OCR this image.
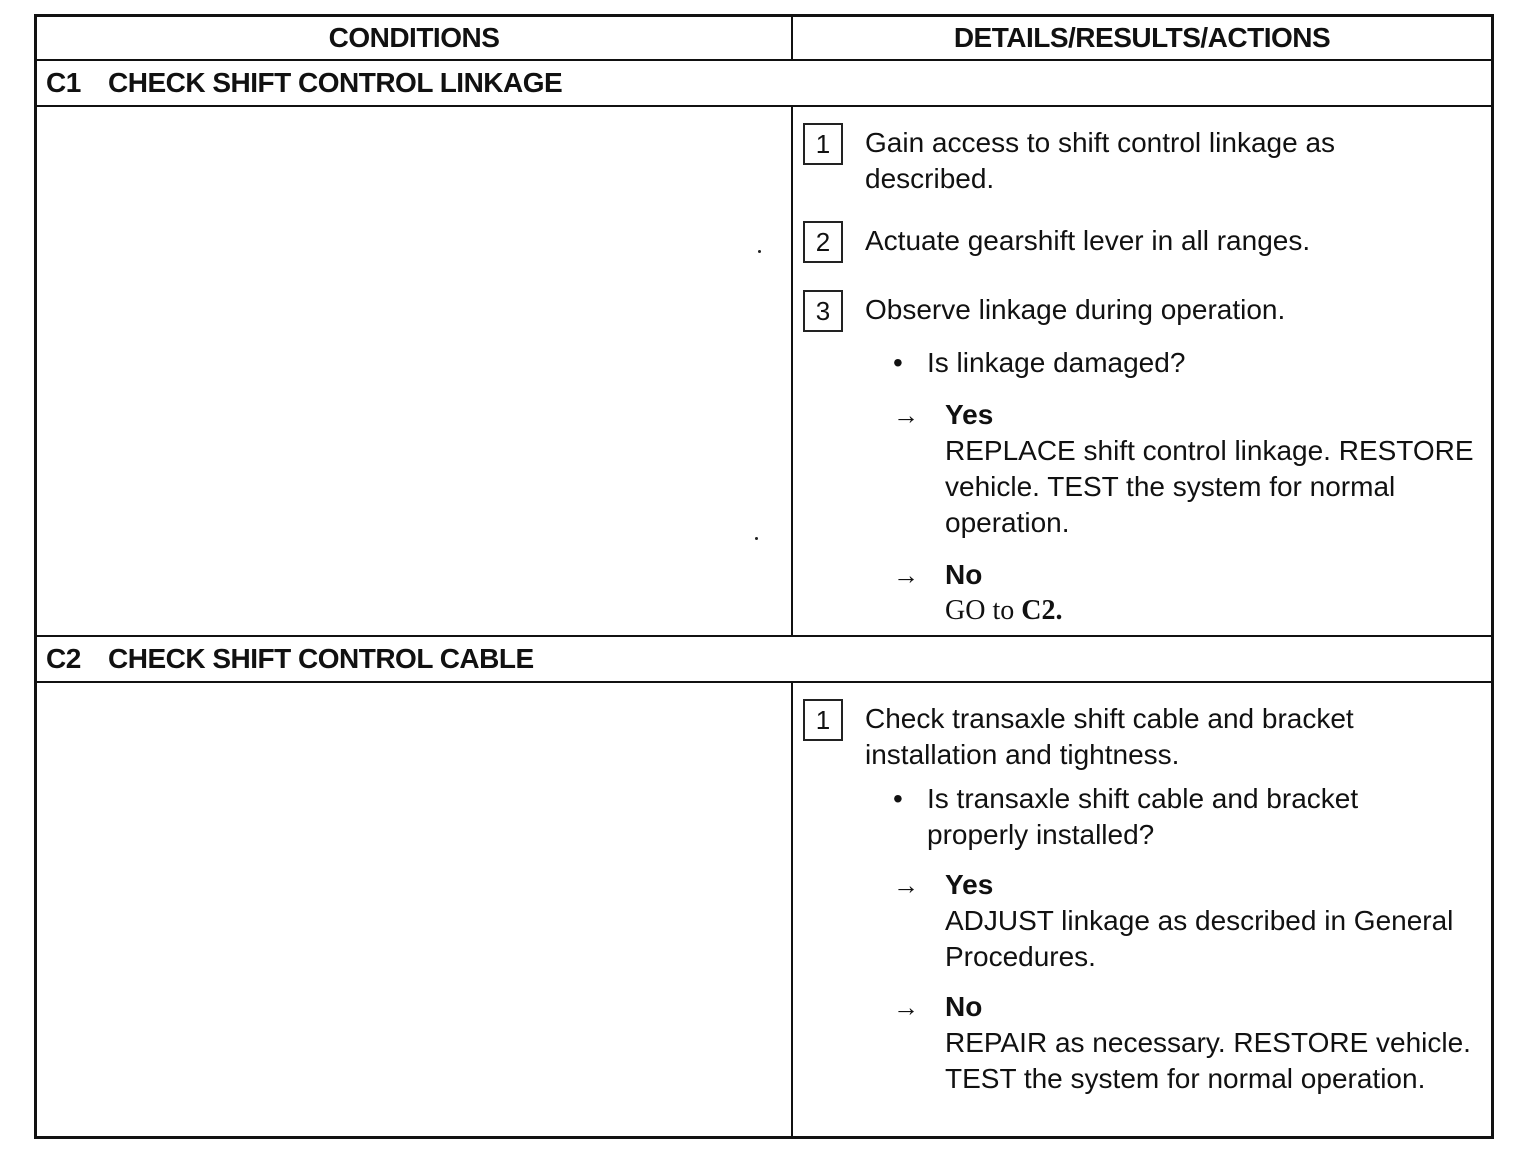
CONDITIONS	DETAILS/RESULTS/ACTIONS
C1 CHECK SHIFT CONTROL LINKAGE
1	Gain access to shift control linkage as described.
2	Actuate gearshift lever in all ranges.
3	Observe linkage during operation.
• Is linkage damaged?
→ Yes
REPLACE shift control linkage. RESTORE vehicle. TEST the system for normal operation.
→ No
GO to C2.
C2 CHECK SHIFT CONTROL CABLE
1	Check transaxle shift cable and bracket installation and tightness.
• Is transaxle shift cable and bracket properly installed?
→ Yes
ADJUST linkage as described in General Procedures.
→ No
REPAIR as necessary. RESTORE vehicle. TEST the system for normal operation.
